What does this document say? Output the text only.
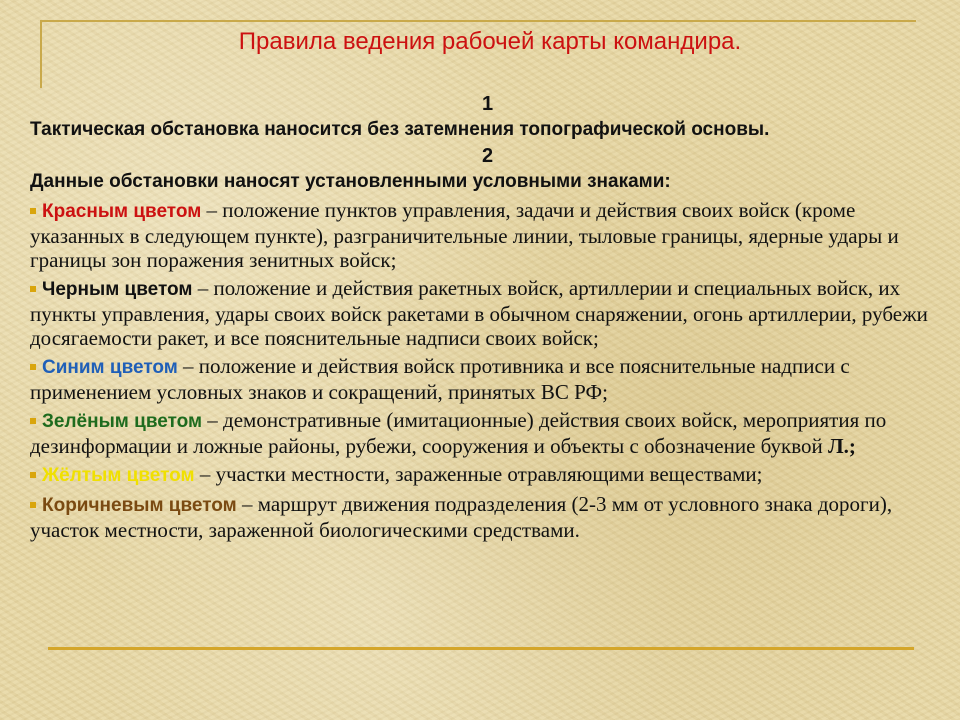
Правила ведения рабочей карты командира.

1

Тактическая обстановка наносится без затемнения топографической основы.

2

Данные обстановки наносят установленными условными знаками:

Красным цветом – положение пунктов управления, задачи и действия своих войск (кроме указанных в следующем пункте), разграничительные линии, тыловые границы, ядерные удары и границы зон поражения зенитных войск;
Черным цветом – положение и действия ракетных войск, артиллерии и специальных войск, их пункты управления, удары своих войск ракетами в обычном снаряжении, огонь артиллерии, рубежи досягаемости ракет, и все пояснительные надписи своих войск;
Синим цветом – положение и действия войск противника и все пояснительные надписи с применением условных знаков и сокращений, принятых ВС РФ;
Зелёным цветом – демонстративные (имитационные) действия своих войск, мероприятия по дезинформации и ложные районы, рубежи, сооружения и объекты с обозначение буквой Л.;
Жёлтым цветом – участки местности, зараженные отравляющими веществами;
Коричневым цветом – маршрут движения подразделения (2-3 мм от условного знака дороги), участок местности, зараженной биологическими средствами.
